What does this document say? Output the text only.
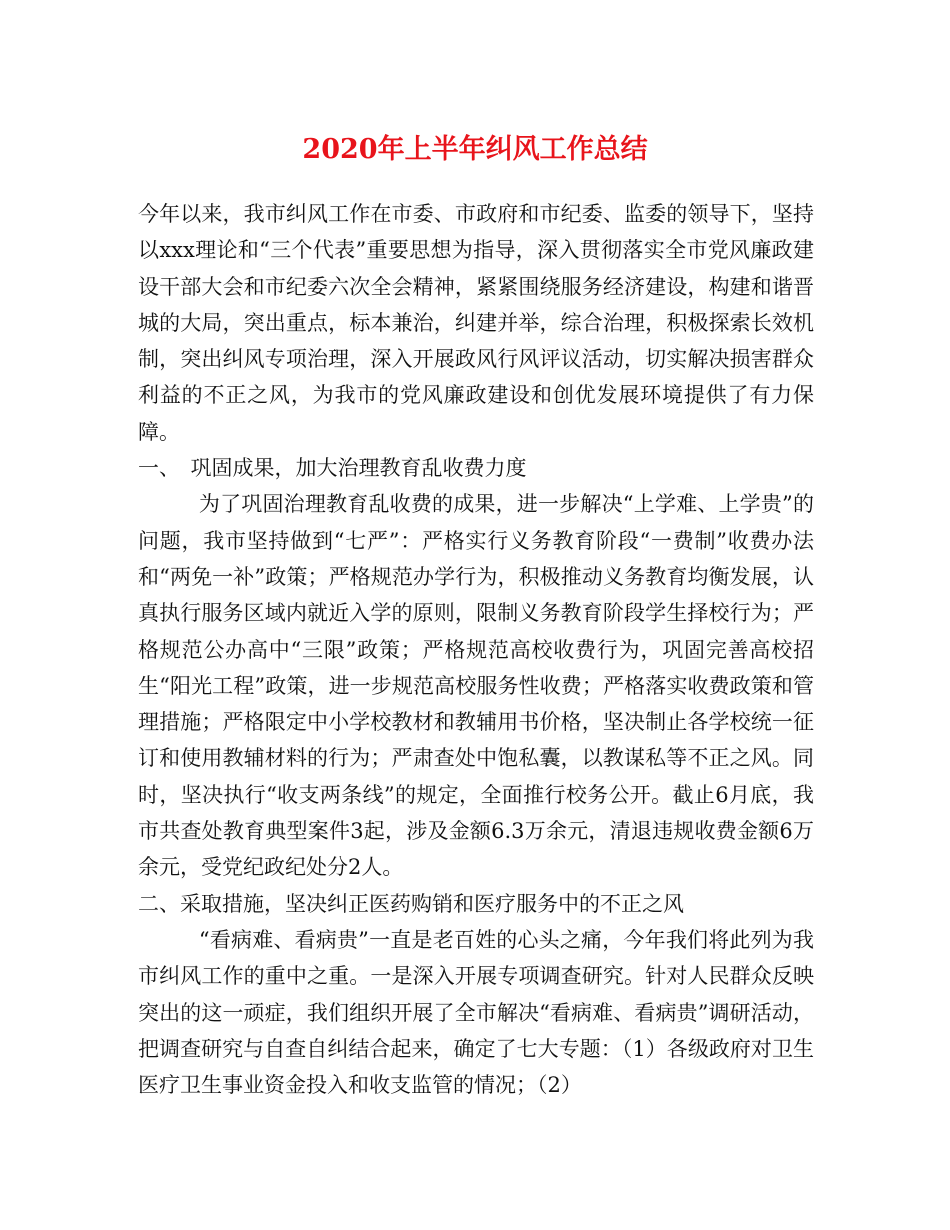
2020年上半年纠风工作总结

今年以来，我市纠风工作在市委、市政府和市纪委、监委的领导下，坚持以xxx理论和“三个代表”重要思想为指导，深入贯彻落实全市党风廉政建设干部大会和市纪委六次全会精神，紧紧围绕服务经济建设，构建和谐晋城的大局，突出重点，标本兼治，纠建并举，综合治理，积极探索长效机制，突出纠风专项治理，深入开展政风行风评议活动，切实解决损害群众利益的不正之风，为我市的党风廉政建设和创优发展环境提供了有力保障。

一、　巩固成果，加大治理教育乱收费力度

为了巩固治理教育乱收费的成果，进一步解决“上学难、上学贵”的问题，我市坚持做到“七严”：严格实行义务教育阶段“一费制”收费办法和“两免一补”政策；严格规范办学行为，积极推动义务教育均衡发展，认真执行服务区域内就近入学的原则，限制义务教育阶段学生择校行为；严格规范公办高中“三限”政策；严格规范高校收费行为，巩固完善高校招生“阳光工程”政策，进一步规范高校服务性收费；严格落实收费政策和管理措施；严格限定中小学校教材和教辅用书价格，坚决制止各学校统一征订和使用教辅材料的行为；严肃查处中饱私囊，以教谋私等不正之风。同时，坚决执行“收支两条线”的规定，全面推行校务公开。截止6月底，我市共查处教育典型案件3起，涉及金额6.3万余元，清退违规收费金额6万余元，受党纪政纪处分2人。

二、采取措施，坚决纠正医药购销和医疗服务中的不正之风

“看病难、看病贵”一直是老百姓的心头之痛，今年我们将此列为我市纠风工作的重中之重。一是深入开展专项调查研究。针对人民群众反映突出的这一顽症，我们组织开展了全市解决“看病难、看病贵”调研活动，把调查研究与自查自纠结合起来，确定了七大专题：（1）各级政府对卫生医疗卫生事业资金投入和收支监管的情况；（2）
